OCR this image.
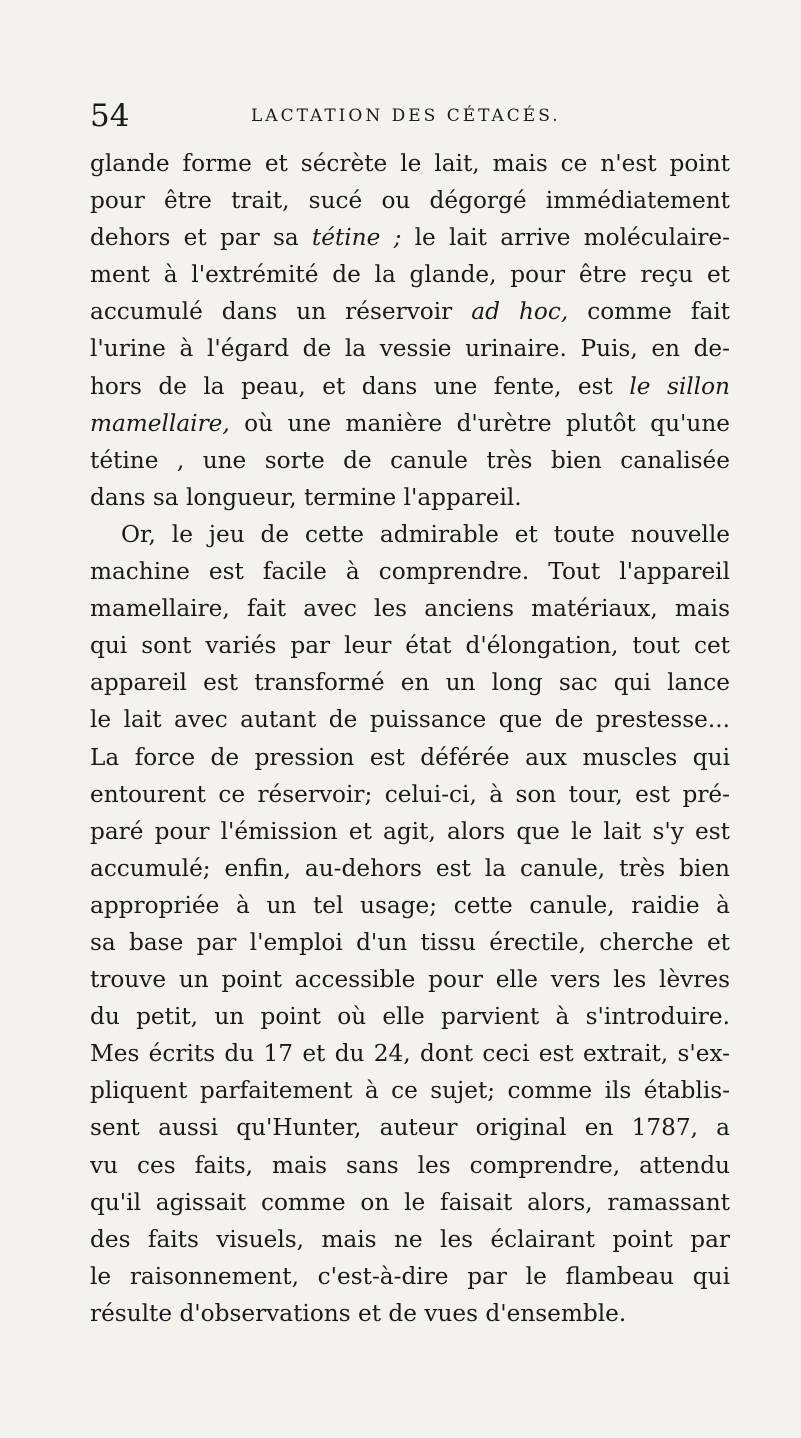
54	LACTATION DES CÉTACÉS.
glande forme et sécrète le lait, mais ce n'est point
pour être trait, sucé ou dégorgé immédiatement
dehors et par sa tétine ; le lait arrive moléculaire-
ment à l'extrémité de la glande, pour être reçu et
accumulé dans un réservoir ad hoc, comme fait
l'urine à l'égard de la vessie urinaire. Puis, en de-
hors de la peau, et dans une fente, est le sillon
mamellaire, où une manière d'urètre plutôt qu'une
tétine , une sorte de canule très bien canalisée
dans sa longueur, termine l'appareil.
Or, le jeu de cette admirable et toute nouvelle
machine est facile à comprendre. Tout l'appareil
mamellaire, fait avec les anciens matériaux, mais
qui sont variés par leur état d'élongation, tout cet
appareil est transformé en un long sac qui lance
le lait avec autant de puissance que de prestesse...
La force de pression est déférée aux muscles qui
entourent ce réservoir; celui-ci, à son tour, est pré-
paré pour l'émission et agit, alors que le lait s'y est
accumulé; enfin, au-dehors est la canule, très bien
appropriée à un tel usage; cette canule, raidie à
sa base par l'emploi d'un tissu érectile, cherche et
trouve un point accessible pour elle vers les lèvres
du petit, un point où elle parvient à s'introduire.
Mes écrits du 17 et du 24, dont ceci est extrait, s'ex-
pliquent parfaitement à ce sujet; comme ils établis-
sent aussi qu'Hunter, auteur original en 1787, a
vu ces faits, mais sans les comprendre, attendu
qu'il agissait comme on le faisait alors, ramassant
des faits visuels, mais ne les éclairant point par
le raisonnement, c'est-à-dire par le flambeau qui
résulte d'observations et de vues d'ensemble.
